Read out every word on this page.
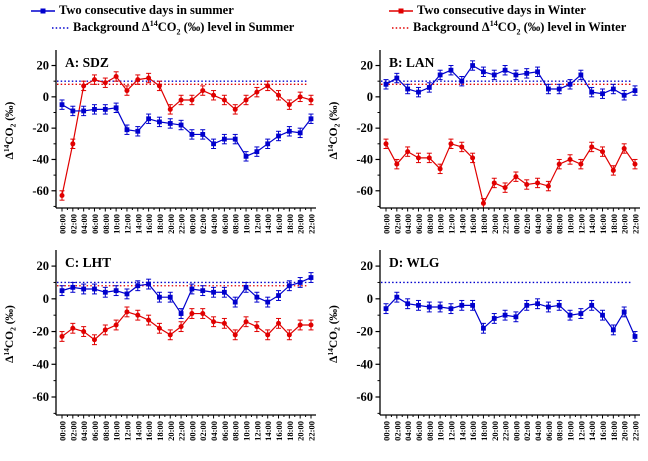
Two consecutive days in summer
Background $\Delta^{14}CO_2$ (‰) level in Summer
Two consecutive days in Winter
Background $\Delta^{14}CO_2$ (‰) level in Winter
20
0
-20
-40
-60
00:00 02:00 04:00 06:00 08:00 10:00 12:00 14:00 16:00 18:00 20:00 22:00 00:00 02:00 04:00 06:00 08:00 10:00 12:00 14:00 16:00 18:00 20:00 22:00
A: SDZ
$\Delta^{14}CO_2$ (‰)
20
0
-20
-40
-60
00:00 02:00 04:00 06:00 08:00 10:00 12:00 14:00 16:00 18:00 20:00 22:00 00:00 02:00 04:00 06:00 08:00 10:00 12:00 14:00 16:00 18:00 20:00 22:00
B: LAN
$\Delta^{14}CO_2$ (‰)
20
0
-20
-40
-60
00:00 02:00 04:00 06:00 08:00 10:00 12:00 14:00 16:00 18:00 20:00 22:00 00:00 02:00 04:00 06:00 08:00 10:00 12:00 14:00 16:00 18:00 20:00 22:00
C: LHT
$\Delta^{14}CO_2$ (‰)
20
0
-20
-40
-60
00:00 02:00 04:00 06:00 08:00 10:00 12:00 14:00 16:00 18:00 20:00 22:00 00:00 02:00 04:00 06:00 08:00 10:00 12:00 14:00 16:00 18:00 20:00 22:00
D: WLG
$\Delta^{14}CO_2$ (‰)
